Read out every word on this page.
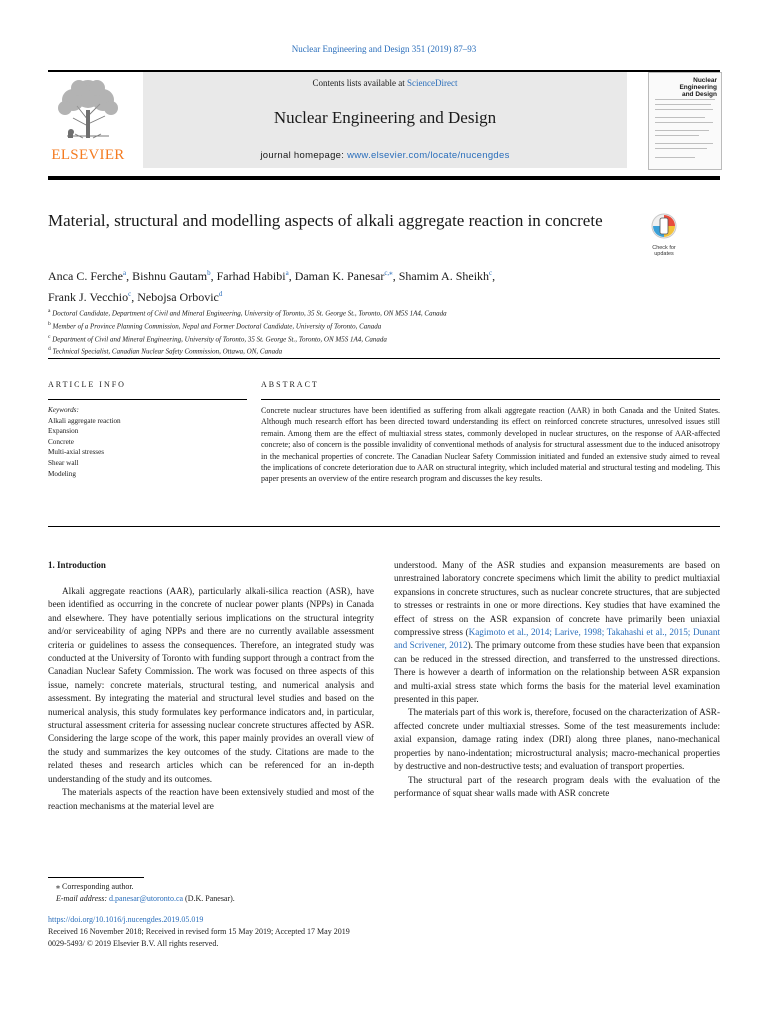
Nuclear Engineering and Design 351 (2019) 87–93
ELSEVIER
Contents lists available at ScienceDirect
Nuclear Engineering and Design
journal homepage: www.elsevier.com/locate/nucengdes
Nuclear Engineering and Design
Material, structural and modelling aspects of alkali aggregate reaction in concrete
Check for updates
Anca C. Ferche$^a$, Bishnu Gautam$^b$, Farhad Habibi$^a$, Daman K. Panesar$^{c,⁎}$, Shamim A. Sheikh$^c$,
Frank J. Vecchio$^c$, Nebojsa Orbovic$^d$
$^a$ Doctoral Candidate, Department of Civil and Mineral Engineering, University of Toronto, 35 St. George St., Toronto, ON M5S 1A4, Canada
$^b$ Member of a Province Planning Commission, Nepal and Former Doctoral Candidate, University of Toronto, Canada
$^c$ Department of Civil and Mineral Engineering, University of Toronto, 35 St. George St., Toronto, ON M5S 1A4, Canada
$^d$ Technical Specialist, Canadian Nuclear Safety Commission, Ottawa, ON, Canada
ARTICLE INFO	ABSTRACT
Keywords:
Alkali aggregate reaction
Expansion
Concrete
Multi-axial stresses
Shear wall
Modeling
Concrete nuclear structures have been identified as suffering from alkali aggregate reaction (AAR) in both Canada and the United States. Although much research effort has been directed toward understanding its effect on reinforced concrete structures, unresolved issues still remain. Among them are the effect of multiaxial stress states, commonly developed in nuclear structures, on the response of AAR-affected concrete; also of concern is the possible invalidity of conventional methods of analysis for structural assessment due to the induced anisotropy in the mechanical properties of concrete. The Canadian Nuclear Safety Commission initiated and funded an extensive study aimed to reveal the implications of concrete deterioration due to AAR on structural integrity, which included material and structural testing and modeling. This paper presents an overview of the entire research program and discusses the key results.
1. Introduction

Alkali aggregate reactions (AAR), particularly alkali-silica reaction (ASR), have been identified as occurring in the concrete of nuclear power plants (NPPs) in Canada and elsewhere. They have potentially serious implications on the structural integrity and/or serviceability of aging NPPs and there are no currently available assessment criteria or guidelines to assess the consequences. Therefore, an integrated study was conducted at the University of Toronto with funding support through a contract from the Canadian Nuclear Safety Commission. The work was focused on three aspects of this issue, namely: concrete materials, structural testing, and numerical analysis and assessment. By integrating the material and structural level studies and based on the numerical analysis, this study formulates key performance indicators and, in particular, structural assessment criteria for assessing nuclear concrete structures affected by ASR. Considering the large scope of the work, this paper mainly provides an overall view of the study and summarizes the key outcomes of the study. Citations are made to the related theses and research articles which can be referenced for an in-depth understanding of the study and its outcomes.

The materials aspects of the reaction have been extensively studied and most of the reaction mechanisms at the material level are

understood. Many of the ASR studies and expansion measurements are based on unrestrained laboratory concrete specimens which limit the ability to predict multiaxial expansions in concrete structures, such as nuclear concrete structures, that are subjected to stresses or restraints in one or more directions. Key studies that have examined the effect of stress on the ASR expansion of concrete have primarily been uniaxial compressive stress (Kagimoto et al., 2014; Larive, 1998; Takahashi et al., 2015; Dunant and Scrivener, 2012). The primary outcome from these studies have been that expansion can be reduced in the stressed direction, and transferred to the unstressed directions. There is however a dearth of information on the relationship between ASR expansion and multi-axial stress state which forms the basis for the material level examination presented in this paper.

The materials part of this work is, therefore, focused on the characterization of ASR-affected concrete under multiaxial stresses. Some of the test measurements include: axial expansion, damage rating index (DRI) along three planes, nano-mechanical properties by nano-indentation; microstructural analysis; macro-mechanical properties by destructive and non-destructive tests; and evaluation of transport properties.

The structural part of the research program deals with the evaluation of the performance of squat shear walls made with ASR concrete

⁎ Corresponding author.
E-mail address: d.panesar@utoronto.ca (D.K. Panesar).
https://doi.org/10.1016/j.nucengdes.2019.05.019
Received 16 November 2018; Received in revised form 15 May 2019; Accepted 17 May 2019
0029-5493/ © 2019 Elsevier B.V. All rights reserved.
